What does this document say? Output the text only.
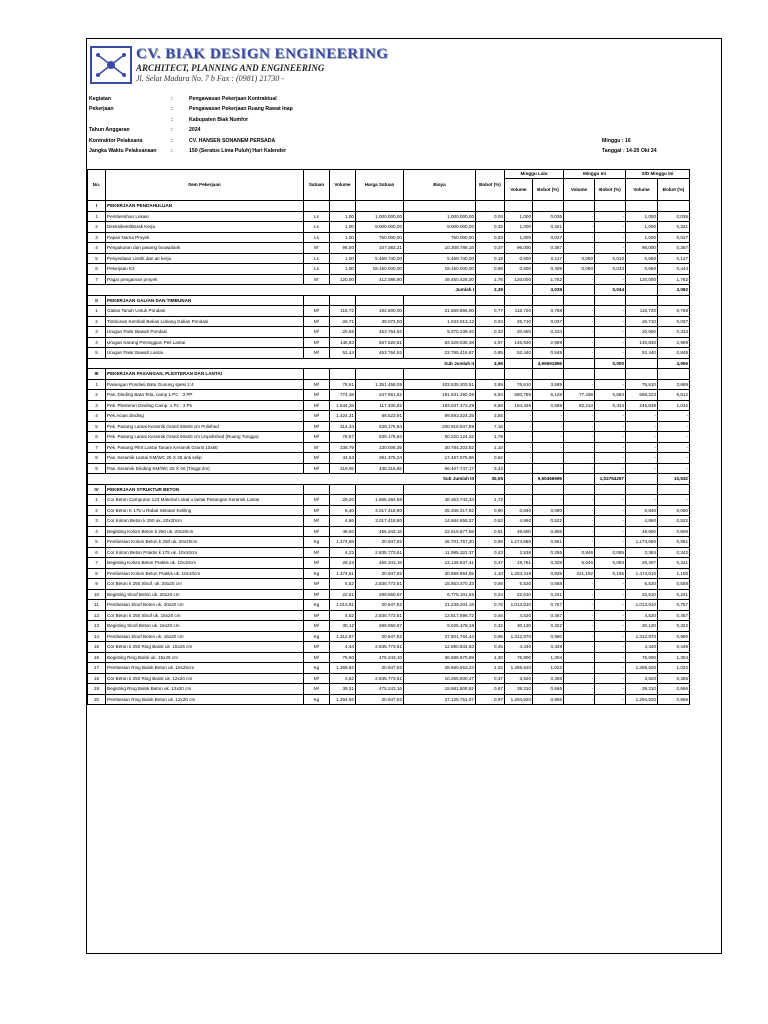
CV. BIAK DESIGN ENGINEERING
ARCHITECT, PLANNING AND ENGINEERING
Jl. Selat Madura No. 7 b Fax : (0981) 21730 -
Kegiatan	:	Pengawasan Pekerjaan Kontraktual
Pekerjaan	:	Pengawasan Pekerjaan Ruang Rawat Inap
:	Kabupaten Biak Numfor
Tahun Anggaran	:	2024
Kontraktor Pelaksana	:	CV. HANSEN SONANEM PERSADA
Jangka Waktu Pelaksanaan	:	150 (Seratus Lima Puluh) Hari Kalender
Minggu : 16
Tanggal : 14-20 Okt 24
No.	Item Pekerjaan	Satuan	Volume	Harga Satuan	Biaya	Bobot (%)	Minggu Lalu		Minggu Ini		S/D Minggu Ini	
							Volume	Bobot (%)	Volume	Bobot (%)	Volume	Bobot (%)
I	PEKERJAAN PENDAHULUAN											
1	Pembersihan Lokasi	Ls	1,00	1.000.000,00	1.000.000,00	0,04	1,000	0,036	-	-	1,000	0,036
2	Direksikeet/Barak Kerja	Ls	1,00	9.000.000,00	9.000.000,00	0,32	1,000	0,321	-	-	1,000	0,321
3	Papan Nama Proyek	Ls	1,00	750.000,00	750.000,00	0,03	1,000	0,027	-	-	1,000	0,027
4	Pengukuran dan pasang bouwplank	M'	96,00	107.383,21	10.308.788,16	0,37	96,000	0,367	-	-	96,000	0,367
5	Penyediaan Listrik dan air kerja	Ls	1,00	5.469.740,00	5.469.740,00	0,19	0,600	0,117	0,050	0,010	0,650	0,127
6	Pekerjaan K3	Ls	1,00	19.150.000,00	19.150.000,00	0,68	0,600	0,409	0,050	0,034	0,650	0,443
7	Pagar pengaman proyek	M'	120,00	412.086,90	49.450.428,00	1,76	120,000	1,762	-	-	120,000	1,762
Jumlah I						3,39		3,038		0,044		3,082
II	PEKERJAAN GALIAN DAN TIMBUNAN											
1	Galian Tanah Untuk Pondasi	M³	116,72	184.600,00	21.569.856,00	0,77	116,720	0,768	-	-	116,720	0,768
2	Timbunan Kembali Bekas Lubang Galian Pondasi	M³	26,71	39.072,00	1.043.613,12	0,04	26,710	0,037	-	-	26,710	0,037
3	Urugan Pasir Bawah Pondasi	M³	20,65	453.764,62	9.370.239,40	0,33	20,650	0,334	-	-	20,650	0,334
4	Urugan Karang Peninggian Peil Lantai	M³	146,83	567.520,51	83.329.036,48	2,97	146,830	2,969	-	-	146,830	2,969
5	Urugan Pasir Bawah Lantai	M³	52,44	453.764,62	23.795.416,67	0,85	52,440	0,848	-	-	52,440	0,848
Sub Jumlah II						4,96		4,95591856		0,000		4,956
III	PEKERJAAN PASANGAN, PLESTERAN DAN LANTAI											
1	Pasangan Pondasi Batu Gunung spesi 1:4	M³	76,61	1.351.458,08	103.535.203,51	3,69	76,610	3,689	-	-	76,610	3,689
2	Pas. Dinding Bata Tela, camp 1 PC : 3 PP	M²	774,38	247.651,52	191.931.260,36	6,84	580,785	5,128	77,438	0,684	658,223	5,812
3	Pek. Plesteran Dinding Camp. 1 Pc : 3 Ps	M²	1.644,26	117.400,82	193.037.472,29	6,88	164,426	0,688	82,213	0,344	246,639	1,032
4	Pek.Acian dinding	M²	1.424,31	69.523,91	99.593.324,25	3,55	-	-	-	-	-	-
5	Pek. Pasang Lantai Keramik Granit 60x60 cm Polished	M²	314,34	639.176,84	200.918.847,89	7,16	-	-	-	-	-	-
6	Pek. Pasang Lantai Keramik Granit 60x60 cm Unpolished (Ruang Tunggu)	M²	78,57	639.176,84	50.220.124,32	1,79	-	-	-	-	-	-
7	Pek. Pasang Plint Lantai Tanam Keramik Granit 10x60	M'	236,79	130.006,35	30.784.203,92	1,10	-	-	-	-	-	-
8	Pas. Keramik Lantai KM/WC 25 X 25 anti selip	M²	44,63	391.375,24	17.467.076,96	0,62	-	-	-	-	-	-
9	Pas. Keramik Dinding KM/WC 25 X 40 (Tinggi 2m)	M²	219,95	438.316,65	96.407.747,17	3,43	-	-	-	-	-	-
Sub Jumlah III						35,05		9,50466695		1,02764257		10,532
IV	PEKERJAAN STRUKTUR BETON											
1	Cor Beton Campuran 123 Material Lokal u lantai Pasangan Keramik Lantai	M³	29,20	1.656.292,58	48.363.743,34	1,72	-	-	-	-	-	-
2	Cor Beton K 175 u Rabat Selasar Keliling	M³	8,40	3.017.418,80	25.346.317,92	0,90	0,840	0,090	-	-	0,840	0,090
3	Cor Kolom Beton k 250 uk. 20x20cm	M³	4,86	3.017.418,80	14.664.655,37	0,52	4,860	0,522	-	-	4,860	0,522
4	Begisting Kolom Beton k 250 uk. 20x20cm	M²	48,60	465.343,16	22.615.677,58	0,81	48,600	0,806	-	-	48,600	0,806
5	Pembesian Kolom Beton k 250 uk. 20x20cm	Kg	1.274,68	20.947,82	26.701.767,20	0,95	1.274,680	0,951	-	-	1.274,680	0,951
6	Cor Kolom Beton Praktis k 175 uk. 10x10cm	M³	4,23	2.835.773,61	11.995.322,37	0,43	2,538	0,256	0,846	0,085	3,384	0,342
7	Begisting Kolom Beton Praktis uk. 10x10cm	M²	28,23	465.343,16	13.136.637,41	0,47	19,761	0,328	5,646	0,094	25,407	0,421
8	Pembesian Kolom Beton Praktis uk. 10x10cm	Kg	1.474,61	20.947,82	30.889.864,85	1,10	1.253,419	0,935	221,192	0,165	1.474,610	1,100
9	Cor Beton k 250 Sloof, uk. 20x20 cm	M³	5,52	2.835.773,61	15.653.470,33	0,56	5,520	0,558	-	-	5,520	0,558
10	Begisting Sloof Beton uk. 20x20 cm	M²	22,61	299.650,67	6.775.101,65	0,24	22,610	0,241	-	-	22,610	0,241
11	Pembesian Sloof Beton uk. 20x20 cm	Kg	1.013,91	20.947,82	21.239.204,18	0,76	1.013,910	0,757	-	-	1.013,910	0,757
12	Cor Beton k 250 Sloof uk. 15x20 cm	M³	4,52	2.835.773,61	12.817.696,72	0,46	4,520	0,457	-	-	4,520	0,457
13	Begisting Sloof Beton uk. 15x20 cm	M²	30,12	299.650,67	9.025.478,18	0,32	30,120	0,322	-	-	30,120	0,322
14	Pembesian Sloof Beton uk. 15x20 cm	Kg	1.312,87	20.947,82	27.501.764,44	0,98	1.312,870	0,980	-	-	1.312,870	0,980
15	Cor Beton k 250 Ring Balok uk. 15x25 cm	M³	4,44	2.835.773,61	12.590.834,83	0,45	4,440	0,449	-	-	4,440	0,449
16	Begisting Ring Balok uk. 15x25 cm	M²	76,90	475.243,16	36.588.970,89	1,30	76,900	1,304	-	-	76,900	1,304
17	Pembesian Ring Balok Beton uk. 15x25cm	Kg	1.369,62	20.947,82	28.690.553,23	1,02	1.369,620	1,022	-	-	1.369,620	1,022
18	Cor Beton k 250 Ring Balok uk. 12x20 cm	M³	3,62	2.835.773,61	10.265.500,47	0,37	3,620	0,366	-	-	3,620	0,366
19	Begisting Ring Balok Beton uk. 12x20 cm	M²	39,31	475.243,16	18.681.808,62	0,67	39,310	0,666	-	-	39,310	0,666
20	Pembesian Ring Balok Beton uk. 12x20 cm	Kg	1.294,92	20.947,82	27.125.751,07	0,97	1.294,920	0,966	-	-	1.294,920	0,966
